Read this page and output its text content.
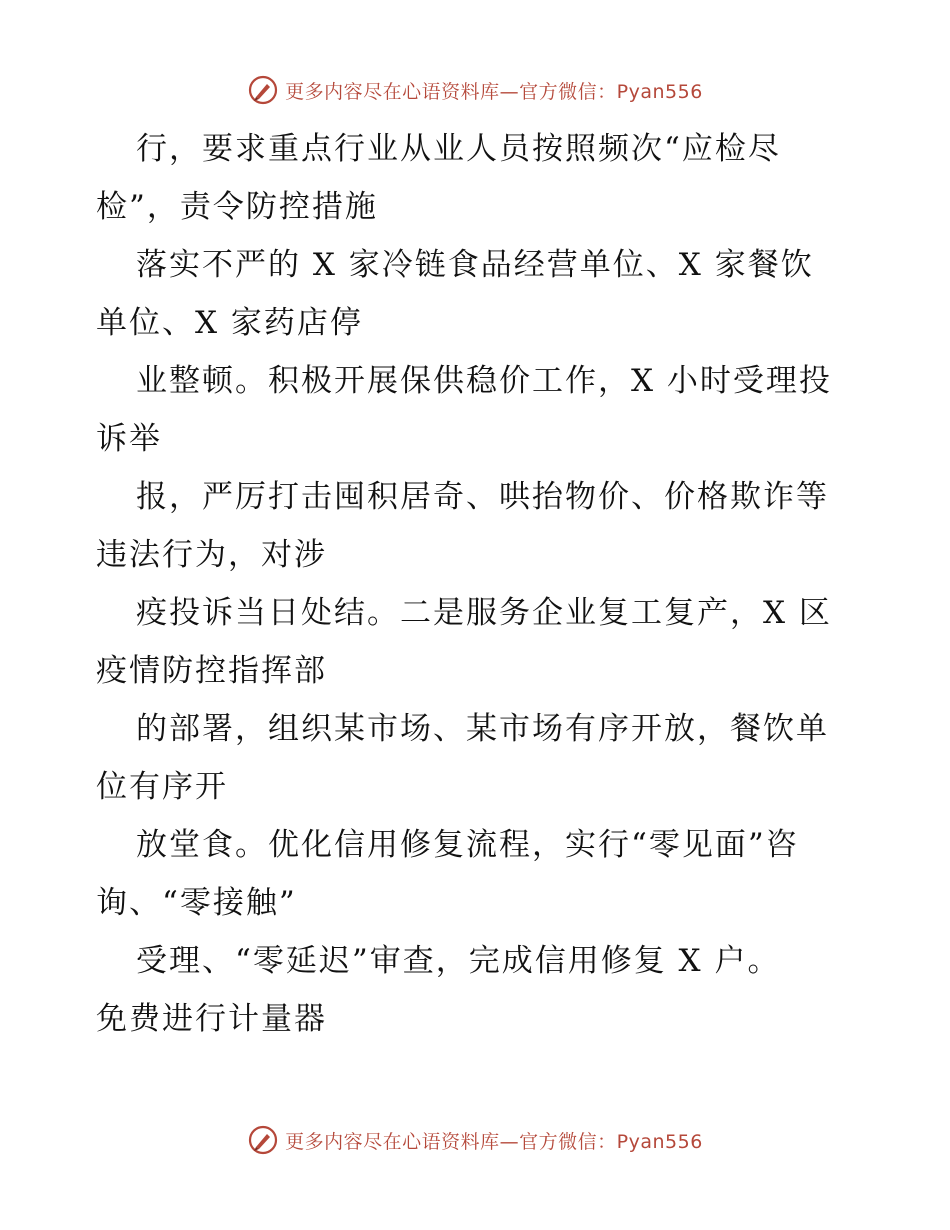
更多内容尽在心语资料库—官方微信：Pyan556
行，要求重点行业从业人员按照频次“应检尽
检”，责令防控措施
落实不严的 X 家冷链食品经营单位、X 家餐饮
单位、X 家药店停
业整顿。积极开展保供稳价工作，X 小时受理投
诉举
报，严厉打击囤积居奇、哄抬物价、价格欺诈等
违法行为，对涉
疫投诉当日处结。二是服务企业复工复产，X 区
疫情防控指挥部
的部署，组织某市场、某市场有序开放，餐饮单
位有序开
放堂食。优化信用修复流程，实行“零见面”咨
询、“零接触”
受理、“零延迟”审查，完成信用修复 X 户。
免费进行计量器
更多内容尽在心语资料库—官方微信：Pyan556
